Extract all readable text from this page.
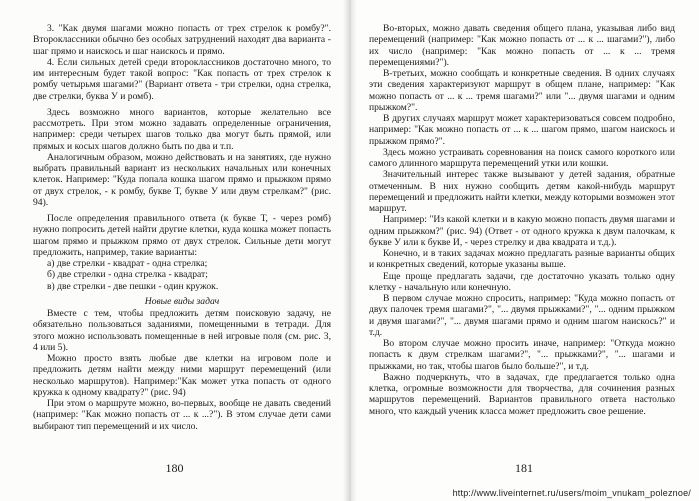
3. "Как двумя шагами можно попасть от трех стрелок к ромбу?". Второклассники обычно без особых затруднений находят два варианта - шаг прямо и наискось и шаг наискось и прямо.

4. Если сильных детей среди второклассников достаточно много, то им интересным будет такой вопрос: "Как попасть от трех стрелок к ромбу четырьмя шагами?" (Вариант ответа - три стрелки, одна стрелка, две стрелки, буква У и ромб).

Здесь возможно много вариантов, которые желательно все рассмотреть. При этом можно задавать определенные ограничения, например: среди четырех шагов только два могут быть прямой, или прямых и косых шагов должно быть по два и т.п.

Аналогичным образом, можно действовать и на занятиях, где нужно выбрать правильный вариант из нескольких начальных или конечных клеток. Например: "Куда попала кошка шагом прямо и прыжком прямо от двух стрелок, - к ромбу, букве Т, букве У или двум стрелкам?" (рис. 94).

После определения правильного ответа (к букве Т, - через ромб) нужно попросить детей найти другие клетки, куда кошка может попасть шагом прямо и прыжком прямо от двух стрелок. Сильные дети могут предложить, например, такие варианты:

а) две стрелки - квадрат - одна стрелка;

б) две стрелки - одна стрелка - квадрат;

в) две стрелки - две пешки - один кружок.

Новые виды задач

Вместе с тем, чтобы предложить детям поисковую задачу, не обязательно пользоваться заданиями, помещенными в тетради. Для этого можно использовать помещенные в ней игровые поля (см. рис. 3, 4 или 5).

Можно просто взять любые две клетки на игровом поле и предложить детям найти между ними маршрут перемещений (или несколько маршрутов). Например:"Как может утка попасть от одного кружка к одному квадрату?" (рис. 94)

При этом о маршруте можно, во-первых, вообще не давать сведений (например: "Как можно попасть от ... к ...?"). В этом случае дети сами выбирают тип перемещений и их число.

180

Во-вторых, можно давать сведения общего плана, указывая либо вид перемещений (например: "Как можно попасть от ... к ... шагами?"), либо их число (например: "Как можно попасть от ... к ... тремя перемещениями?").

В-третьих, можно сообщать и конкретные сведения. В одних случаях эти сведения характеризуют маршрут в общем плане, например: "Как можно попасть от ... к ... тремя шагами?" или "... двумя шагами и одним прыжком?".

В других случаях маршрут может характеризоваться совсем подробно, например: "Как можно попасть от ... к ... шагом прямо, шагом наискось и прыжком прямо?".

Здесь можно устраивать соревнования на поиск самого короткого или самого длинного маршрута перемещений утки или кошки.

Значительный интерес также вызывают у детей задания, обратные отмеченным. В них нужно сообщить детям какой-нибудь маршрут перемещений и предложить найти клетки, между которыми возможен этот маршрут.

Например: "Из какой клетки и в какую можно попасть двумя шагами и одним прыжком?" (рис. 94) (Ответ - от одного кружка к двум палочкам, к букве У или к букве И, - через стрелку и два квадрата и т.д.).

Конечно, и в таких задачах можно предлагать разные варианты общих и конкретных сведений, которые указаны выше.

Еще проще предлагать задачи, где достаточно указать только одну клетку - начальную или конечную.

В первом случае можно спросить, например: "Куда можно попасть от двух палочек тремя шагами?", "... двумя прыжками?", "... одним прыжком и двумя шагами?", "... двумя шагами прямо и одним шагом наискось?" и т.д.

Во втором случае можно просить иначе, например: "Откуда можно попасть к двум стрелкам шагами?", "... прыжками?", "... шагами и прыжками, но так, чтобы шагов было больше?", и т.д.

Важно подчеркнуть, что в задачах, где предлагается только одна клетка, огромные возможности для творчества, для сочинения разных маршрутов перемещений. Вариантов правильного ответа настолько много, что каждый ученик класса может предложить свое решение.

181
http://www.liveinternet.ru/users/moim_vnukam_poleznoe/
